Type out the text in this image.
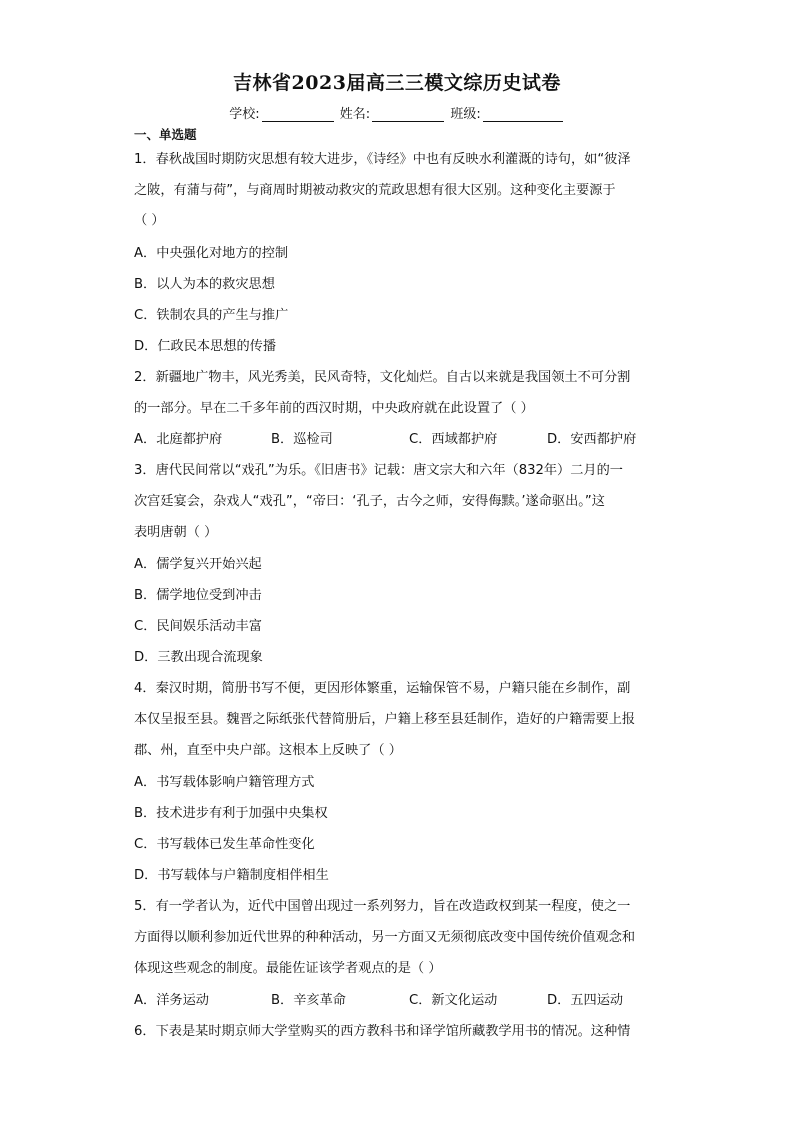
吉林省2023届高三三模文综历史试卷
学校:	姓名:	班级:
一、单选题
1．春秋战国时期防灾思想有较大进步，《诗经》中也有反映水利灌溉的诗句，如“彼泽
之陂，有蒲与荷”，与商周时期被动救灾的荒政思想有很大区别。这种变化主要源于
（ ）
A．中央强化对地方的控制
B．以人为本的救灾思想
C．铁制农具的产生与推广
D．仁政民本思想的传播
2．新疆地广物丰，风光秀美，民风奇特，文化灿烂。自古以来就是我国领土不可分割
的一部分。早在二千多年前的西汉时期，中央政府就在此设置了（ ）
A．北庭都护府	B．巡检司	C．西域都护府	D．安西都护府
3．唐代民间常以“戏孔”为乐。《旧唐书》记载：唐文宗大和六年（832年）二月的一
次宫廷宴会，杂戏人“戏孔”，“帝曰：‘孔子，古今之师，安得侮黩。’遂命驱出。”这
表明唐朝（ ）
A．儒学复兴开始兴起
B．儒学地位受到冲击
C．民间娱乐活动丰富
D．三教出现合流现象
4．秦汉时期，简册书写不便，更因形体繁重，运输保管不易，户籍只能在乡制作，副
本仅呈报至县。魏晋之际纸张代替简册后，户籍上移至县廷制作，造好的户籍需要上报
郡、州，直至中央户部。这根本上反映了（ ）
A．书写载体影响户籍管理方式
B．技术进步有利于加强中央集权
C．书写载体已发生革命性变化
D．书写载体与户籍制度相伴相生
5．有一学者认为，近代中国曾出现过一系列努力，旨在改造政权到某一程度，使之一
方面得以顺利参加近代世界的种种活动，另一方面又无须彻底改变中国传统价值观念和
体现这些观念的制度。最能佐证该学者观点的是（ ）
A．洋务运动	B．辛亥革命	C．新文化运动	D．五四运动
6．下表是某时期京师大学堂购买的西方教科书和译学馆所藏教学用书的情况。这种情
